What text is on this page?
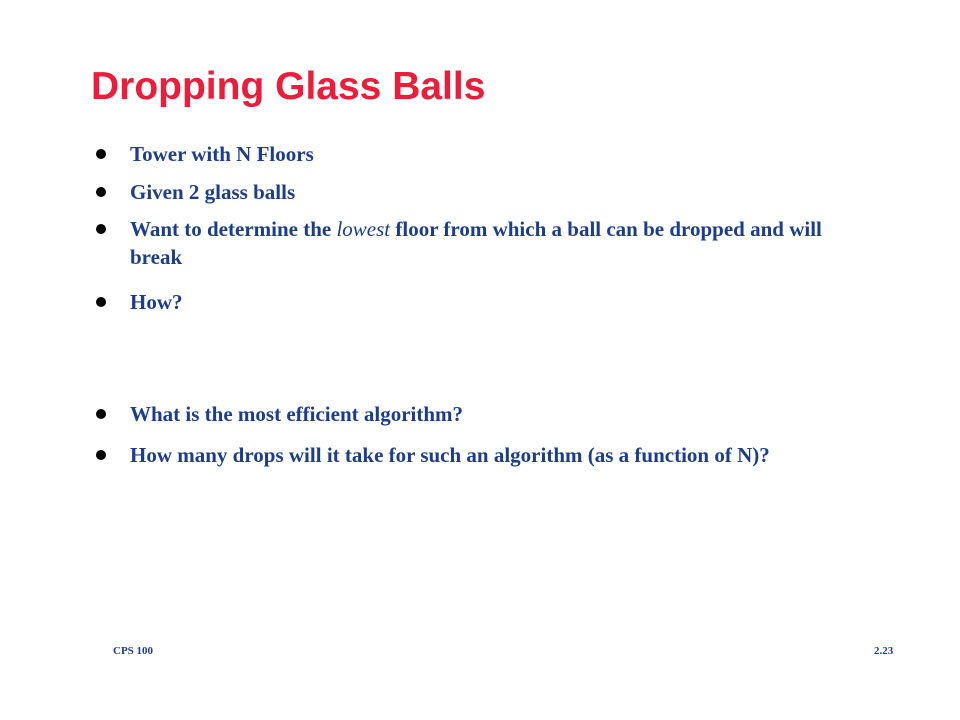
Dropping Glass Balls
Tower with N Floors
Given 2 glass balls
Want to determine the lowest floor from which a ball can be dropped and will break
How?
What is the most efficient algorithm?
How many drops will it take for such an algorithm (as a function of N)?
CPS 100	2.23
